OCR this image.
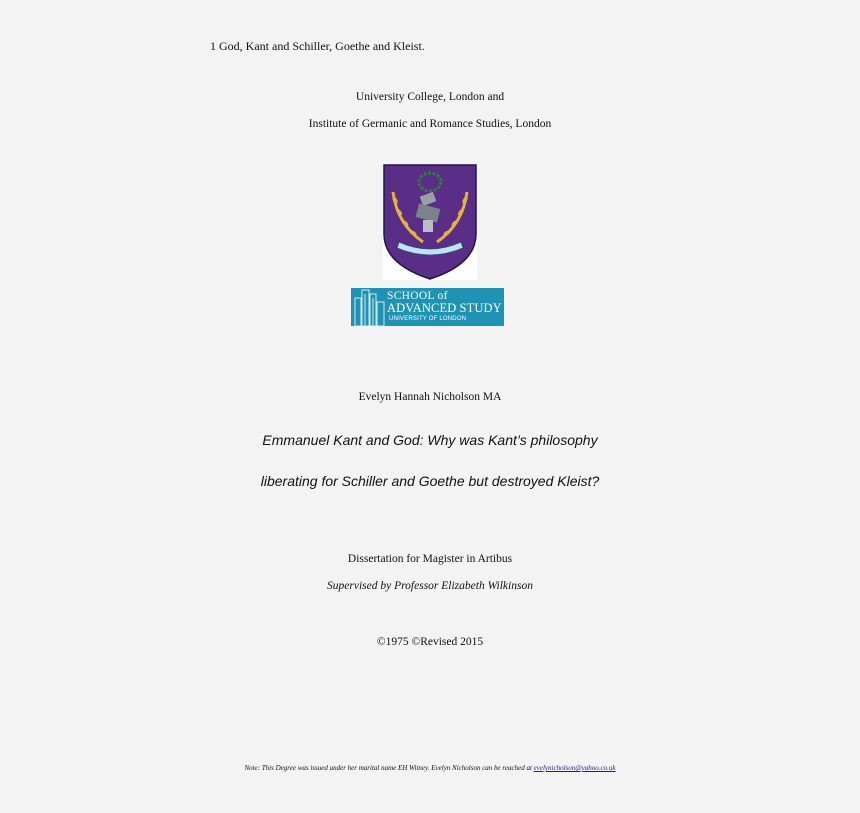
1 God, Kant and Schiller, Goethe and Kleist.
University College, London and
Institute of Germanic and Romance Studies, London
SCHOOL of
ADVANCED STUDY
UNIVERSITY OF LONDON
Evelyn Hannah Nicholson MA
Emmanuel Kant and God: Why was Kant’s philosophy
liberating for Schiller and Goethe but destroyed Kleist?
Dissertation for Magister in Artibus
Supervised by Professor Elizabeth Wilkinson
©1975 ©Revised 2015
Note: This Degree was issued under her marital name EH Witney. Evelyn Nicholson can be reached at evelynicholson@yahoo.co.uk
